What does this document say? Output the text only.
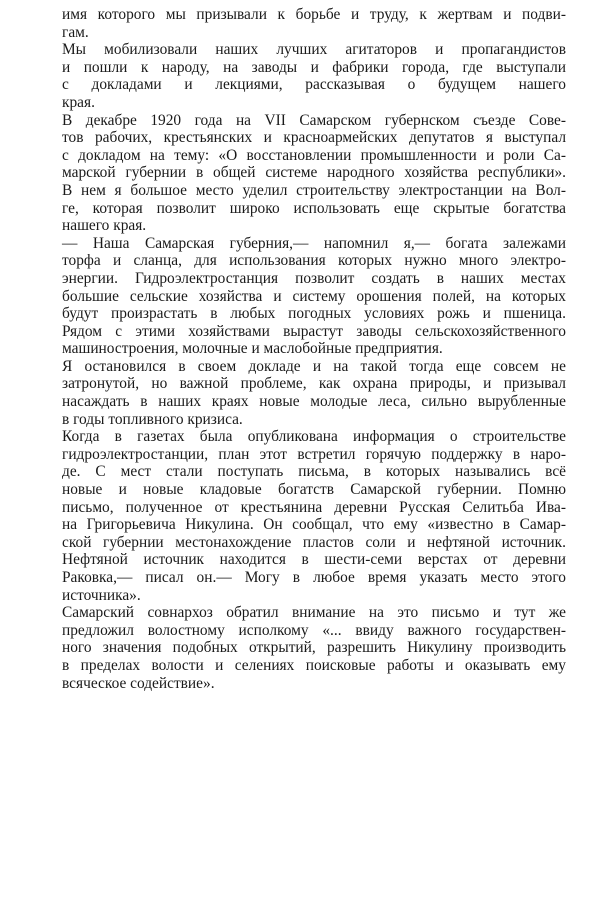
имя которого мы призывали к борьбе и труду, к жертвам и подви-
гам.
Мы мобилизовали наших лучших агитаторов и пропагандистов
и пошли к народу, на заводы и фабрики города, где выступали
с докладами и лекциями, рассказывая о будущем нашего
края.
В декабре 1920 года на VII Самарском губернском съезде Сове-
тов рабочих, крестьянских и красноармейских депутатов я выступал
с докладом на тему: «О восстановлении промышленности и роли Са-
марской губернии в общей системе народного хозяйства республики».
В нем я большое место уделил строительству электростанции на Вол-
ге, которая позволит широко использовать еще скрытые богатства
нашего края.
— Наша Самарская губерния,— напомнил я,— богата залежами
торфа и сланца, для использования которых нужно много электро-
энергии. Гидроэлектростанция позволит создать в наших местах
большие сельские хозяйства и систему орошения полей, на которых
будут произрастать в любых погодных условиях рожь и пшеница.
Рядом с этими хозяйствами вырастут заводы сельскохозяйственного
машиностроения, молочные и маслобойные предприятия.
Я остановился в своем докладе и на такой тогда еще совсем не
затронутой, но важной проблеме, как охрана природы, и призывал
насаждать в наших краях новые молодые леса, сильно вырубленные
в годы топливного кризиса.
Когда в газетах была опубликована информация о строительстве
гидроэлектростанции, план этот встретил горячую поддержку в наро-
де. С мест стали поступать письма, в которых назывались всё
новые и новые кладовые богатств Самарской губернии. Помню
письмо, полученное от крестьянина деревни Русская Селитьба Ива-
на Григорьевича Никулина. Он сообщал, что ему «известно в Самар-
ской губернии местонахождение пластов соли и нефтяной источник.
Нефтяной источник находится в шести-семи верстах от деревни
Раковка,— писал он.— Могу в любое время указать место этого
источника».
Самарский совнархоз обратил внимание на это письмо и тут же
предложил волостному исполкому «... ввиду важного государствен-
ного значения подобных открытий, разрешить Никулину производить
в пределах волости и селениях поисковые работы и оказывать ему
всяческое содействие».
